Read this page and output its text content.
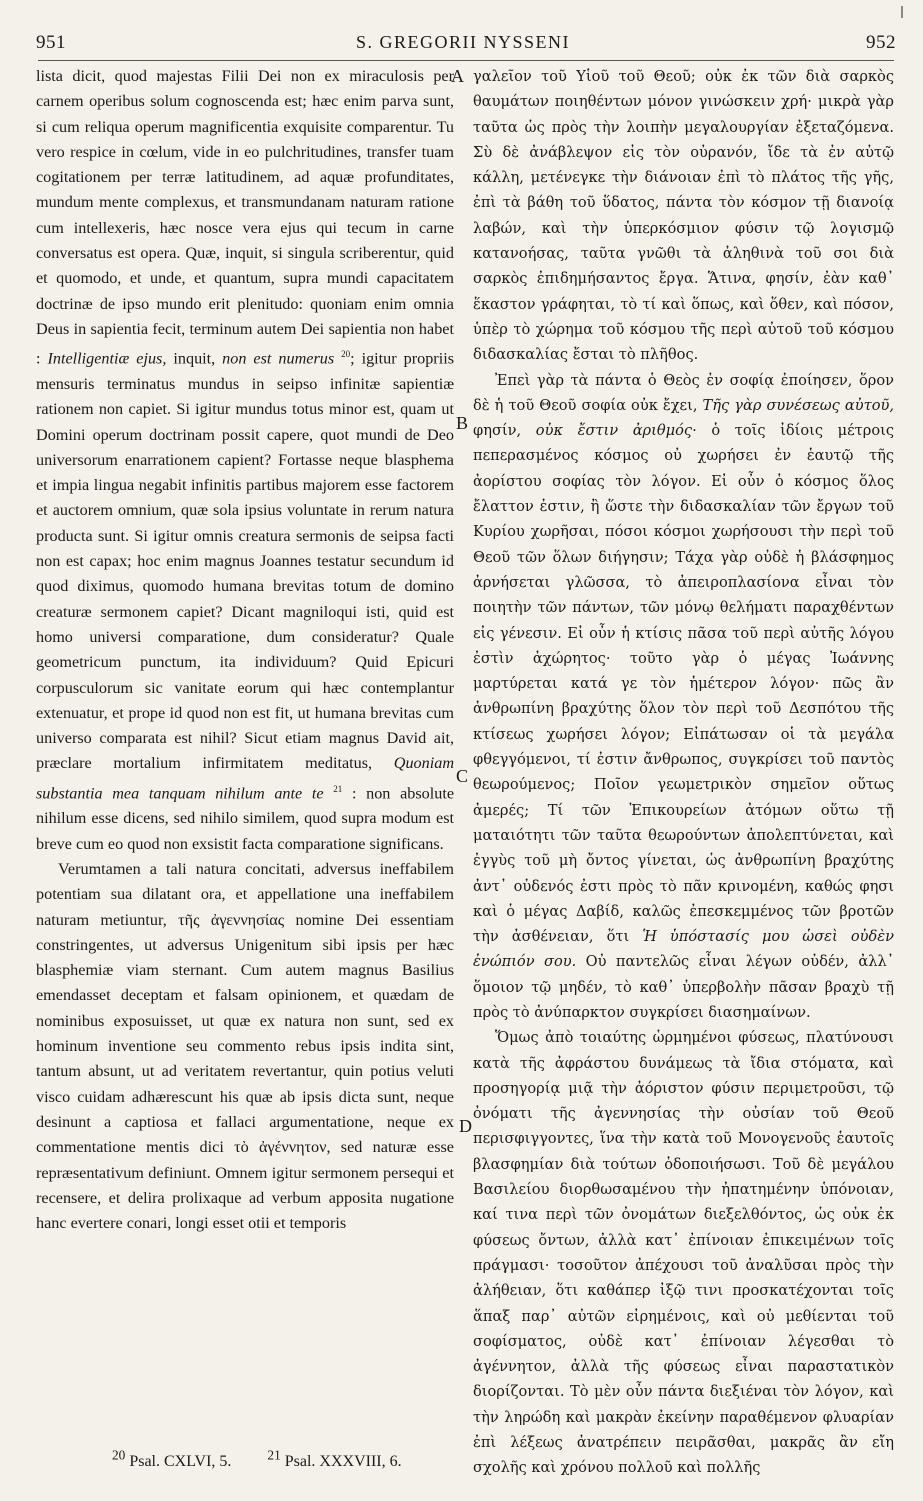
951	S. GREGORII NYSSENI	952

lista dicit, quod majestas Filii Dei non ex miraculosis per carnem operibus solum cognoscenda est; hæc enim parva sunt, si cum reliqua operum magnificentia exquisite comparentur. Tu vero respice in cœlum, vide in eo pulchritudines, transfer tuam cogitationem per terræ latitudinem, ad aquæ profunditates, mundum mente complexus, et transmundanam naturam ratione cum intellexeris, hæc nosce vera ejus qui tecum in carne conversatus est opera. Quæ, inquit, si singula scriberentur, quid et quomodo, et unde, et quantum, supra mundi capacitatem doctrinæ de ipso mundo erit plenitudo: quoniam enim omnia Deus in sapientia fecit, terminum autem Dei sapientia non habet : Intelligentiæ ejus, inquit, non est numerus $^{20}$; igitur propriis mensuris terminatus mundus in seipso infinitæ sapientiæ rationem non capiet. Si igitur mundus totus minor est, quam ut Domini operum doctrinam possit capere, quot mundi de Deo universorum enarrationem capient? Fortasse neque blasphema et impia lingua negabit infinitis partibus majorem esse factorem et auctorem omnium, quæ sola ipsius voluntate in rerum natura producta sunt. Si igitur omnis creatura sermonis de seipsa facti non est capax; hoc enim magnus Joannes testatur secundum id quod diximus, quomodo humana brevitas totum de domino creaturæ sermonem capiet? Dicant magniloqui isti, quid est homo universi comparatione, dum consideratur? Quale geometricum punctum, ita individuum? Quid Epicuri corpusculorum sic vanitate eorum qui hæc contemplantur extenuatur, et prope id quod non est fit, ut humana brevitas cum universo comparata est nihil? Sicut etiam magnus David ait, præclare mortalium infirmitatem meditatus, Quoniam substantia mea tanquam nihilum ante te $^{21}$ : non absolute nihilum esse dicens, sed nihilo similem, quod supra modum est breve cum eo quod non exsistit facta comparatione significans.

Verumtamen a tali natura concitati, adversus ineffabilem potentiam sua dilatant ora, et appellatione una ineffabilem naturam metiuntur, τῆς ἀγεννησίας nomine Dei essentiam constringentes, ut adversus Unigenitum sibi ipsis per hæc blasphemiæ viam sternant. Cum autem magnus Basilius emendasset deceptam et falsam opinionem, et quædam de nominibus exposuisset, ut quæ ex natura non sunt, sed ex hominum inventione seu commento rebus ipsis indita sint, tantum absunt, ut ad veritatem revertantur, quin potius veluti visco cuidam adhærescunt his quæ ab ipsis dicta sunt, neque desinunt a captiosa et fallaci argumentatione, neque ex commentatione mentis dici τὸ ἀγέννητον, sed naturæ esse repræsentativum definiunt. Omnem igitur sermonem persequi et recensere, et delira prolixaque ad verbum apposita nugatione hanc evertere conari, longi esset otii et temporis

A
B
C
D

γαλεῖον τοῦ Υἱοῦ τοῦ Θεοῦ; οὐκ ἐκ τῶν διὰ σαρκὸς θαυμάτων ποιηθέντων μόνον γινώσκειν χρή· μικρὰ γὰρ ταῦτα ὡς πρὸς τὴν λοιπὴν μεγαλουργίαν ἐξεταζόμενα. Σὺ δὲ ἀνάβλεψον εἰς τὸν οὐρανόν, ἴδε τὰ ἐν αὐτῷ κάλλη, μετένεγκε τὴν διάνοιαν ἐπὶ τὸ πλάτος τῆς γῆς, ἐπὶ τὰ βάθη τοῦ ὕδατος, πάντα τὸν κόσμον τῇ διανοίᾳ λαβών, καὶ τὴν ὑπερκόσμιον φύσιν τῷ λογισμῷ κατανοήσας, ταῦτα γνῶθι τὰ ἀληθινὰ τοῦ σοι διὰ σαρκὸς ἐπιδημήσαντος ἔργα. Ἅτινα, φησίν, ἐὰν καθ᾽ ἕκαστον γράφηται, τὸ τί καὶ ὅπως, καὶ ὅθεν, καὶ πόσον, ὑπὲρ τὸ χώρημα τοῦ κόσμου τῆς περὶ αὐτοῦ τοῦ κόσμου διδασκαλίας ἔσται τὸ πλῆθος.

Ἐπεὶ γὰρ τὰ πάντα ὁ Θεὸς ἐν σοφίᾳ ἐποίησεν, ὅρον δὲ ἡ τοῦ Θεοῦ σοφία οὐκ ἔχει, Τῆς γὰρ συνέσεως αὐτοῦ, φησίν, οὐκ ἔστιν ἀριθμός· ὁ τοῖς ἰδίοις μέτροις πεπερασμένος κόσμος οὐ χωρήσει ἐν ἑαυτῷ τῆς ἀορίστου σοφίας τὸν λόγον. Εἰ οὖν ὁ κόσμος ὅλος ἔλαττον ἐστιν, ἢ ὥστε τὴν διδασκαλίαν τῶν ἔργων τοῦ Κυρίου χωρῆσαι, πόσοι κόσμοι χωρήσουσι τὴν περὶ τοῦ Θεοῦ τῶν ὅλων διήγησιν; Τάχα γὰρ οὐδὲ ἡ βλάσφημος ἀρνήσεται γλῶσσα, τὸ ἀπειροπλασίονα εἶναι τὸν ποιητὴν τῶν πάντων, τῶν μόνῳ θελήματι παραχθέντων εἰς γένεσιν. Εἰ οὖν ἡ κτίσις πᾶσα τοῦ περὶ αὐτῆς λόγου ἐστὶν ἀχώρητος· τοῦτο γὰρ ὁ μέγας Ἰωάννης μαρτύρεται κατά γε τὸν ἡμέτερον λόγον· πῶς ἂν ἀνθρωπίνη βραχύτης ὅλον τὸν περὶ τοῦ Δεσπότου τῆς κτίσεως χωρήσει λόγον; Εἰπάτωσαν οἱ τὰ μεγάλα φθεγγόμενοι, τί ἐστιν ἄνθρωπος, συγκρίσει τοῦ παντὸς θεωρούμενος; Ποῖον γεωμετρικὸν σημεῖον οὕτως ἀμερές; Τί τῶν Ἐπικουρείων ἀτόμων οὕτω τῇ ματαιότητι τῶν ταῦτα θεωρούντων ἀπολεπτύνεται, καὶ ἐγγὺς τοῦ μὴ ὄντος γίνεται, ὡς ἀνθρωπίνη βραχύτης ἀντ᾽ οὐδενός ἐστι πρὸς τὸ πᾶν κρινομένη, καθώς φησι καὶ ὁ μέγας Δαβίδ, καλῶς ἐπεσκεμμένος τῶν βροτῶν τὴν ἀσθένειαν, ὅτι Ἡ ὑπόστασίς μου ὡσεὶ οὐδὲν ἐνώπιόν σου. Οὐ παντελῶς εἶναι λέγων οὐδέν, ἀλλ᾽ ὅμοιον τῷ μηδέν, τὸ καθ᾽ ὑπερβολὴν πᾶσαν βραχὺ τῇ πρὸς τὸ ἀνύπαρκτον συγκρίσει διασημαίνων.

Ὅμως ἀπὸ τοιαύτης ὡρμημένοι φύσεως, πλατύνουσι κατὰ τῆς ἀφράστου δυνάμεως τὰ ἴδια στόματα, καὶ προσηγορίᾳ μιᾷ τὴν ἀόριστον φύσιν περιμετροῦσι, τῷ ὀνόματι τῆς ἀγεννησίας τὴν οὐσίαν τοῦ Θεοῦ περισφιγγοντες, ἵνα τὴν κατὰ τοῦ Μονογενοῦς ἑαυτοῖς βλασφημίαν διὰ τούτων ὁδοποιήσωσι. Τοῦ δὲ μεγάλου Βασιλείου διορθωσαμένου τὴν ἠπατημένην ὑπόνοιαν, καί τινα περὶ τῶν ὀνομάτων διεξελθόντος, ὡς οὐκ ἐκ φύσεως ὄντων, ἀλλὰ κατ᾽ ἐπίνοιαν ἐπικειμένων τοῖς πράγμασι· τοσοῦτον ἀπέχουσι τοῦ ἀναλῦσαι πρὸς τὴν ἀλήθειαν, ὅτι καθάπερ ἰξῷ τινι προσκατέχονται τοῖς ἅπαξ παρ᾽ αὐτῶν εἰρημένοις, καὶ οὐ μεθίενται τοῦ σοφίσματος, οὐδὲ κατ᾽ ἐπίνοιαν λέγεσθαι τὸ ἀγέννητον, ἀλλὰ τῆς φύσεως εἶναι παραστατικὸν διορίζονται. Τὸ μὲν οὖν πάντα διεξιέναι τὸν λόγον, καὶ τὴν ληρώδη καὶ μακρὰν ἐκείνην παραθέμενον φλυαρίαν ἐπὶ λέξεως ἀνατρέπειν πειρᾶσθαι, μακρᾶς ἂν εἴη σχολῆς καὶ χρόνου πολλοῦ καὶ πολλῆς

$^{20}$ Psal. CXLVI, 5.	$^{21}$ Psal. XXXVIII, 6.
